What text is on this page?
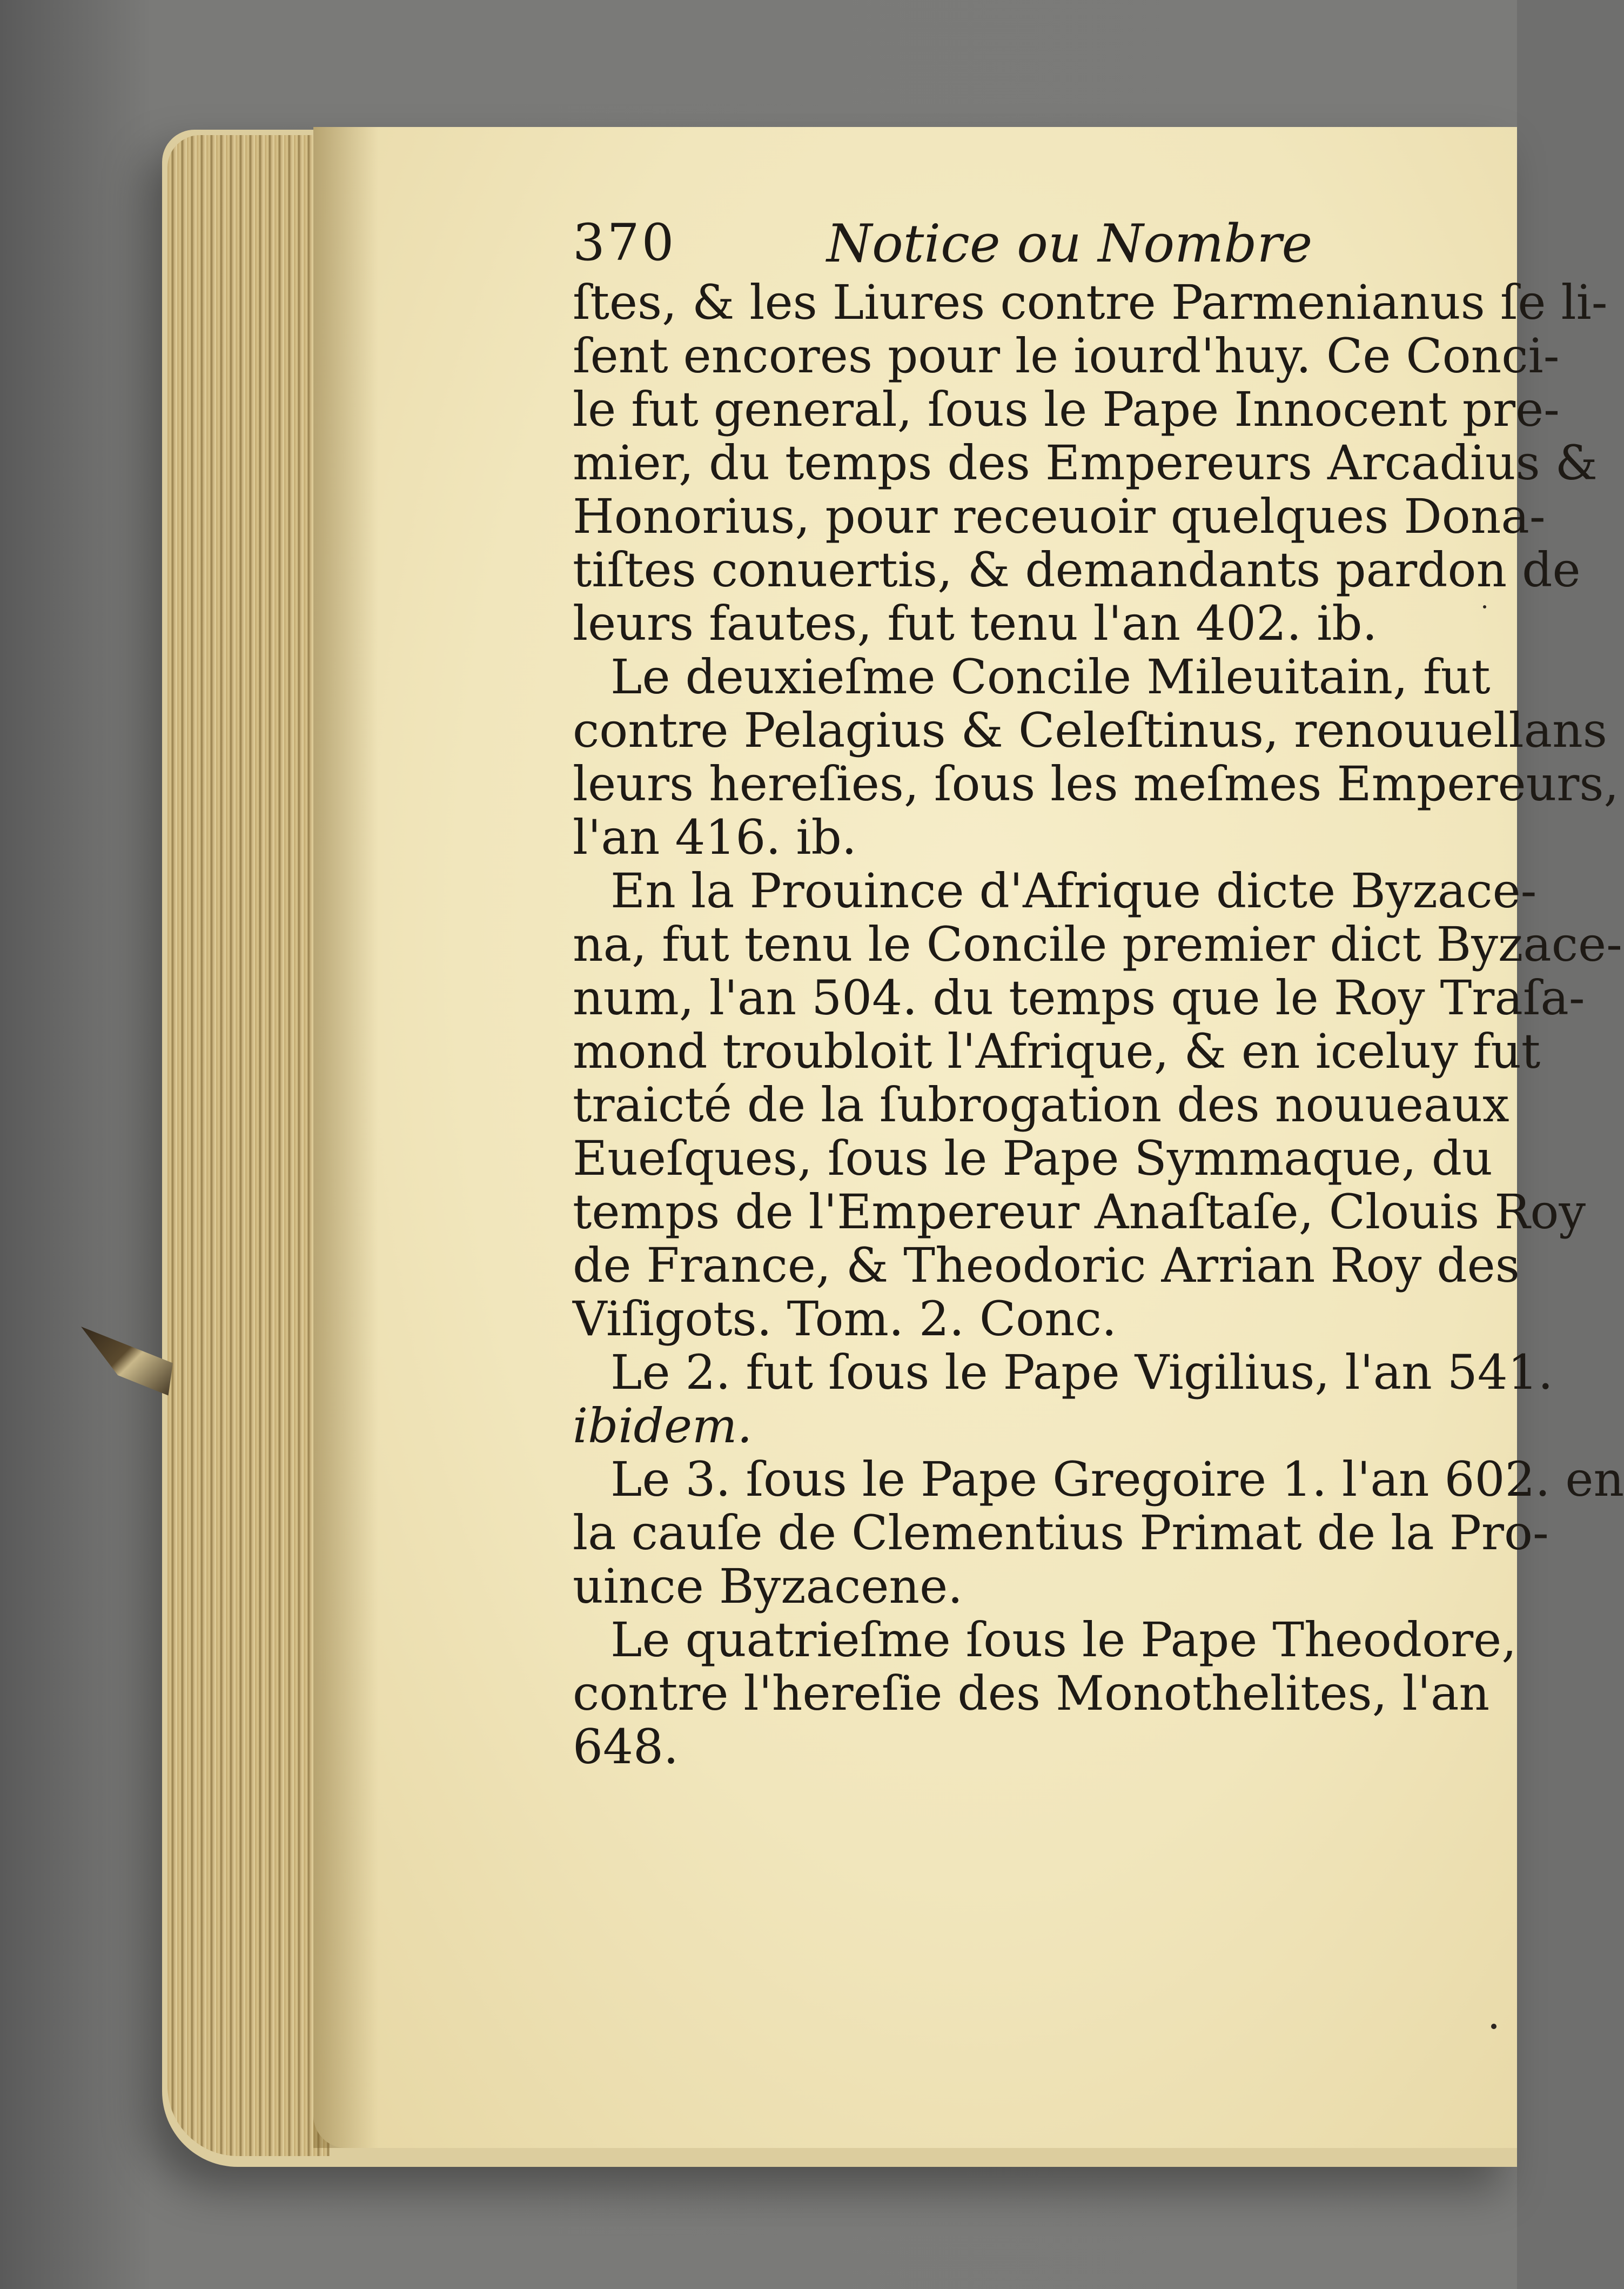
370	Notice ou Nombre

ſtes, & les Liures contre Parmenianus ſe li-
ſent encores pour le iourd'huy. Ce Conci-
le fut general, ſous le Pape Innocent pre-
mier, du temps des Empereurs Arcadius &
Honorius, pour receuoir quelques Dona-
tiſtes conuertis, & demandants pardon de
leurs fautes, fut tenu l'an 402. ib.

Le deuxieſme Concile Mileuitain, fut
contre Pelagius & Celeſtinus, renouuellans
leurs hereſies, ſous les meſmes Empereurs,
l'an 416. ib.

En la Prouince d'Afrique dicte Byzace-
na, fut tenu le Concile premier dict Byzace-
num, l'an 504. du temps que le Roy Traſa-
mond troubloit l'Afrique, & en iceluy fut
traicté de la ſubrogation des nouueaux
Eueſques, ſous le Pape Symmaque, du
temps de l'Empereur Anaſtaſe, Clouis Roy
de France, & Theodoric Arrian Roy des
Viſigots. Tom. 2. Conc.

Le 2. fut ſous le Pape Vigilius, l'an 541.
ibidem.

Le 3. ſous le Pape Gregoire 1. l'an 602. en
la cauſe de Clementius Primat de la Pro-
uince Byzacene.

Le quatrieſme ſous le Pape Theodore,
contre l'hereſie des Monothelites, l'an
648.
